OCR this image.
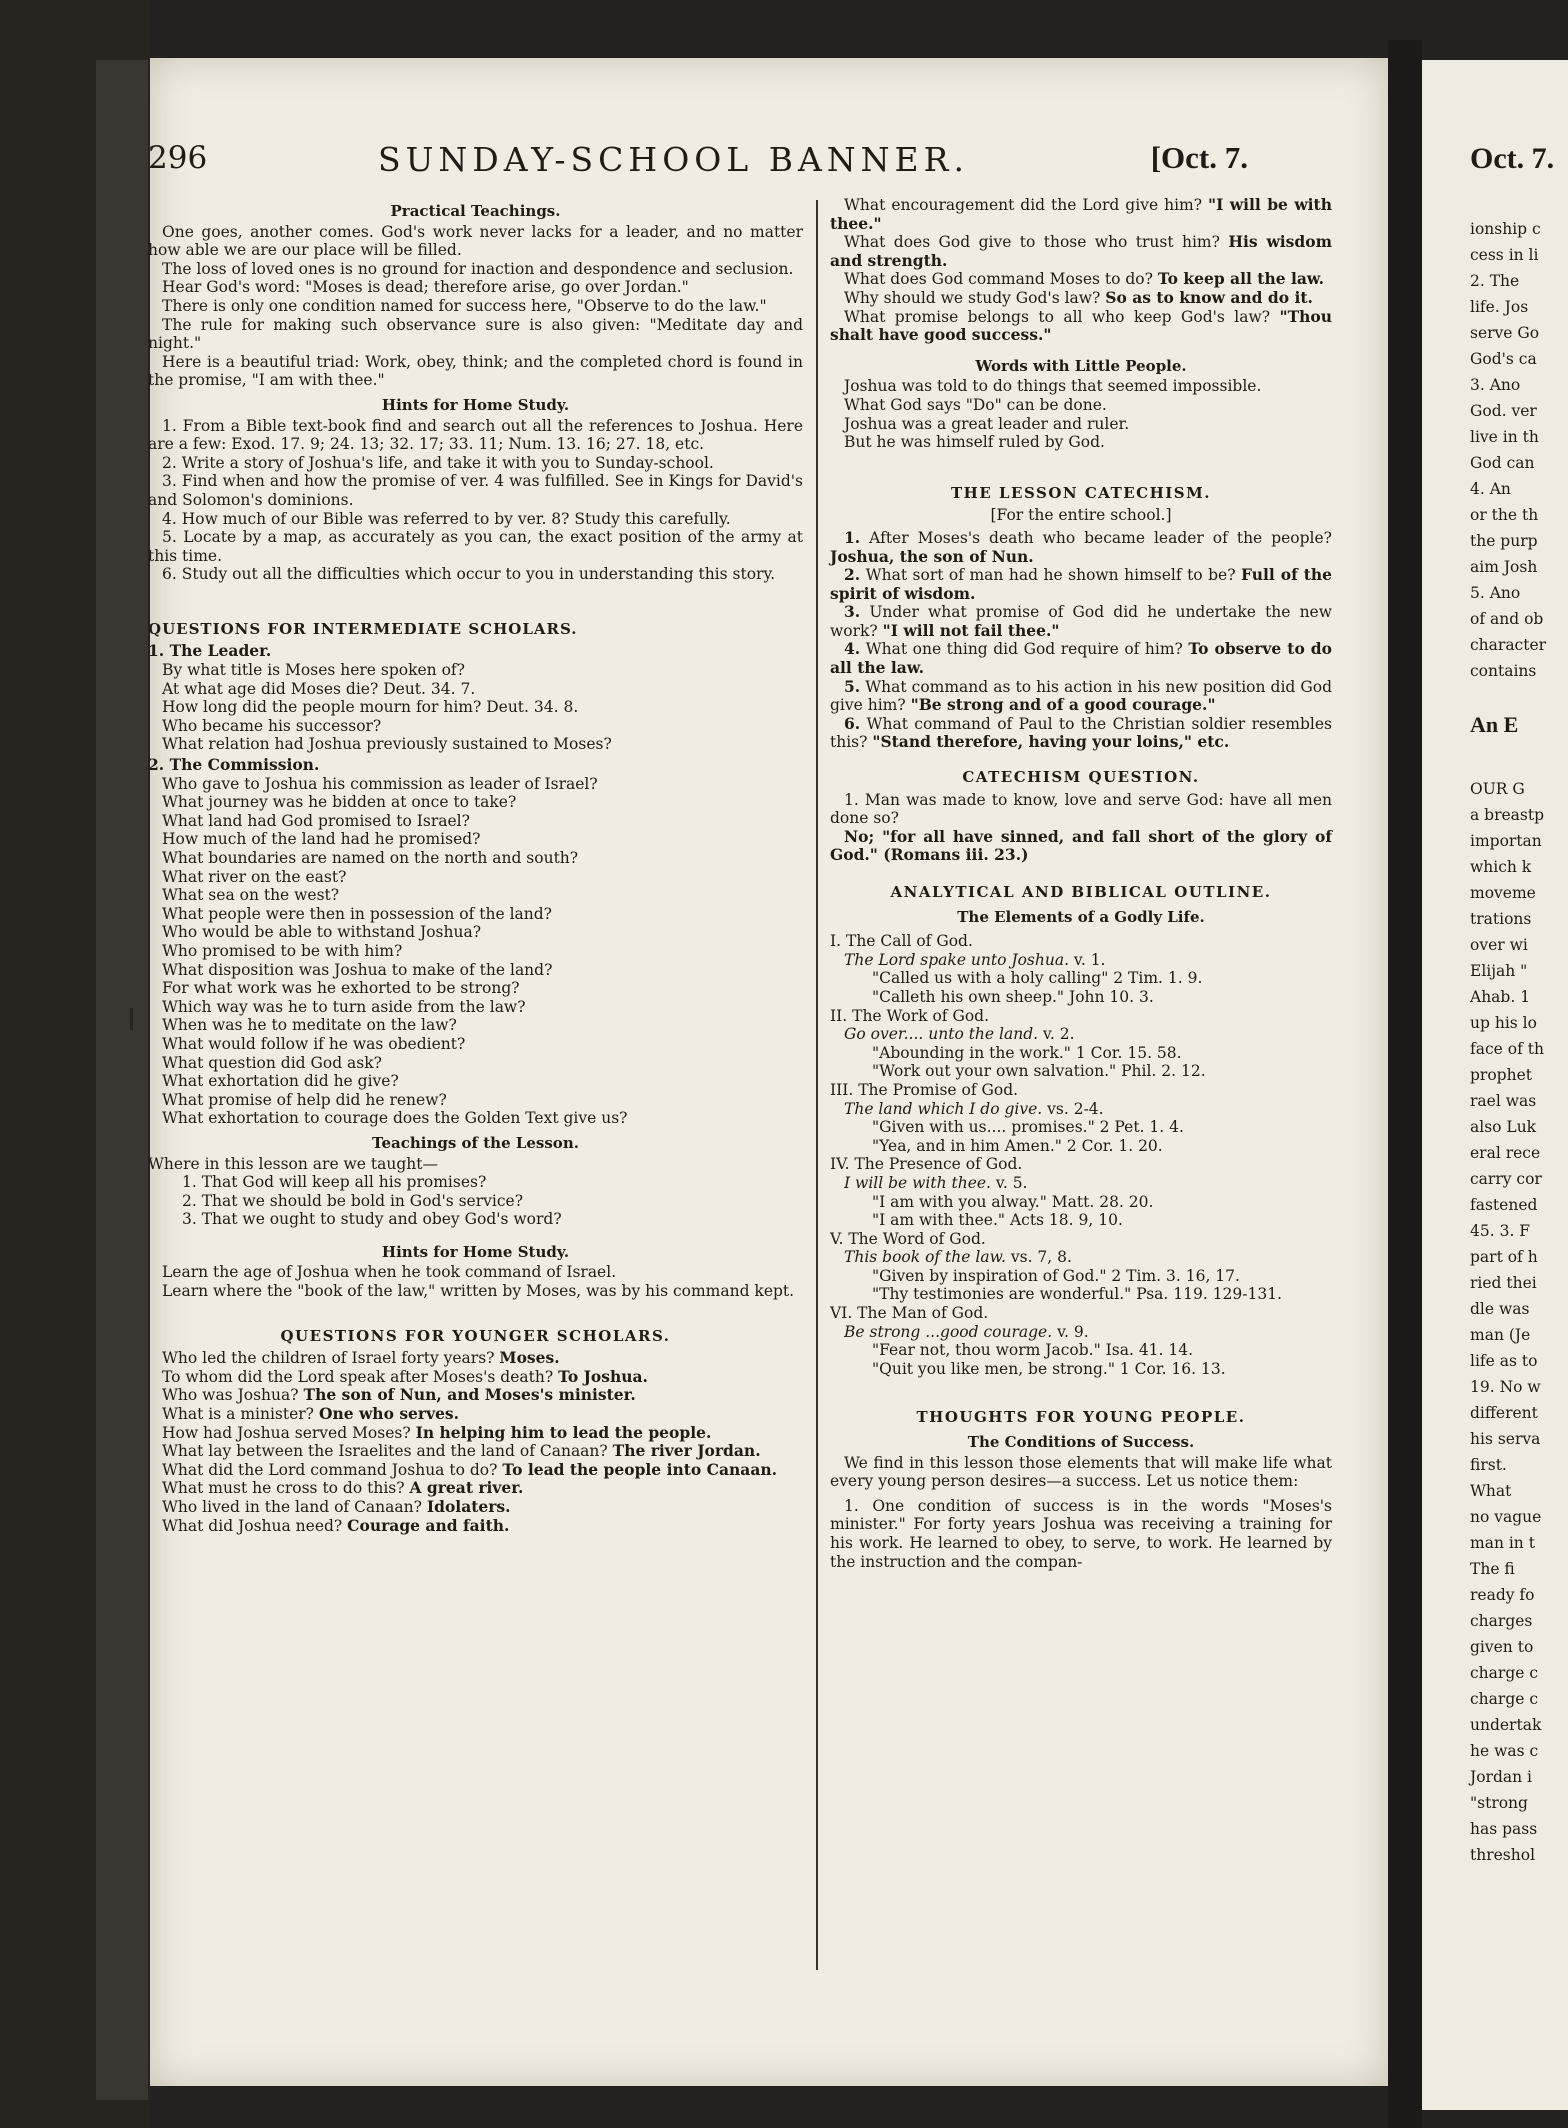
296	SUNDAY-SCHOOL BANNER.	[Oct. 7.
Practical Teachings.

One goes, another comes. God's work never lacks for a leader, and no matter how able we are our place will be filled.

The loss of loved ones is no ground for inaction and despondence and seclusion.

Hear God's word: "Moses is dead; therefore arise, go over Jordan."

There is only one condition named for success here, "Observe to do the law."

The rule for making such observance sure is also given: "Meditate day and night."

Here is a beautiful triad: Work, obey, think; and the completed chord is found in the promise, "I am with thee."

Hints for Home Study.

1. From a Bible text-book find and search out all the references to Joshua. Here are a few: Exod. 17. 9; 24. 13; 32. 17; 33. 11; Num. 13. 16; 27. 18, etc.

2. Write a story of Joshua's life, and take it with you to Sunday-school.

3. Find when and how the promise of ver. 4 was fulfilled. See in Kings for David's and Solomon's dominions.

4. How much of our Bible was referred to by ver. 8? Study this carefully.

5. Locate by a map, as accurately as you can, the exact position of the army at this time.

6. Study out all the difficulties which occur to you in understanding this story.

QUESTIONS FOR INTERMEDIATE SCHOLARS.
1. The Leader.

By what title is Moses here spoken of?

At what age did Moses die? Deut. 34. 7.

How long did the people mourn for him? Deut. 34. 8.

Who became his successor?

What relation had Joshua previously sustained to Moses?

2. The Commission.

Who gave to Joshua his commission as leader of Israel?

What journey was he bidden at once to take?

What land had God promised to Israel?

How much of the land had he promised?

What boundaries are named on the north and south?

What river on the east?

What sea on the west?

What people were then in possession of the land?

Who would be able to withstand Joshua?

Who promised to be with him?

What disposition was Joshua to make of the land?

For what work was he exhorted to be strong?

Which way was he to turn aside from the law?

When was he to meditate on the law?

What would follow if he was obedient?

What question did God ask?

What exhortation did he give?

What promise of help did he renew?

What exhortation to courage does the Golden Text give us?

Teachings of the Lesson.

Where in this lesson are we taught—

1. That God will keep all his promises?

2. That we should be bold in God's service?

3. That we ought to study and obey God's word?

Hints for Home Study.

Learn the age of Joshua when he took command of Israel.

Learn where the "book of the law," written by Moses, was by his command kept.

QUESTIONS FOR YOUNGER SCHOLARS.

Who led the children of Israel forty years? Moses.

To whom did the Lord speak after Moses's death? To Joshua.

Who was Joshua? The son of Nun, and Moses's minister.

What is a minister? One who serves.

How had Joshua served Moses? In helping him to lead the people.

What lay between the Israelites and the land of Canaan? The river Jordan.

What did the Lord command Joshua to do? To lead the people into Canaan.

What must he cross to do this? A great river.

Who lived in the land of Canaan? Idolaters.

What did Joshua need? Courage and faith.

What encouragement did the Lord give him? "I will be with thee."

What does God give to those who trust him? His wisdom and strength.

What does God command Moses to do? To keep all the law.

Why should we study God's law? So as to know and do it.

What promise belongs to all who keep God's law? "Thou shalt have good success."

Words with Little People.

Joshua was told to do things that seemed impossible.

What God says "Do" can be done.

Joshua was a great leader and ruler.

But he was himself ruled by God.

THE LESSON CATECHISM.
[For the entire school.]

1. After Moses's death who became leader of the people? Joshua, the son of Nun.

2. What sort of man had he shown himself to be? Full of the spirit of wisdom.

3. Under what promise of God did he undertake the new work? "I will not fail thee."

4. What one thing did God require of him? To observe to do all the law.

5. What command as to his action in his new position did God give him? "Be strong and of a good courage."

6. What command of Paul to the Christian soldier resembles this? "Stand therefore, having your loins," etc.

CATECHISM QUESTION.

1. Man was made to know, love and serve God: have all men done so?

No; "for all have sinned, and fall short of the glory of God." (Romans iii. 23.)

ANALYTICAL AND BIBLICAL OUTLINE.
The Elements of a Godly Life.

I. The Call of God.

The Lord spake unto Joshua. v. 1.

"Called us with a holy calling" 2 Tim. 1. 9.

"Calleth his own sheep." John 10. 3.

II. The Work of God.

Go over.... unto the land. v. 2.

"Abounding in the work." 1 Cor. 15. 58.

"Work out your own salvation." Phil. 2. 12.

III. The Promise of God.

The land which I do give. vs. 2-4.

"Given with us.... promises." 2 Pet. 1. 4.

"Yea, and in him Amen." 2 Cor. 1. 20.

IV. The Presence of God.

I will be with thee. v. 5.

"I am with you alway." Matt. 28. 20.

"I am with thee." Acts 18. 9, 10.

V. The Word of God.

This book of the law. vs. 7, 8.

"Given by inspiration of God." 2 Tim. 3. 16, 17.

"Thy testimonies are wonderful." Psa. 119. 129-131.

VI. The Man of God.

Be strong ...good courage. v. 9.

"Fear not, thou worm Jacob." Isa. 41. 14.

"Quit you like men, be strong." 1 Cor. 16. 13.

THOUGHTS FOR YOUNG PEOPLE.
The Conditions of Success.

We find in this lesson those elements that will make life what every young person desires—a success. Let us notice them:

1. One condition of success is in the words "Moses's minister." For forty years Joshua was receiving a training for his work. He learned to obey, to serve, to work. He learned by the instruction and the compan-

Oct. 7.

ionship c

cess in li

2. The

life. Jos

serve Go

God's ca

3. Ano

God. ver

live in th

God can

4. An

or the th

the purp

aim Josh

5. Ano

of and ob

character

contains

An E

OUR G

a breastp

importan

which k

moveme

trations

over wi

Elijah "

Ahab. 1

up his lo

face of th

prophet

rael was

also Luk

eral rece

carry cor

fastened

45. 3. F

part of h

ried thei

dle was

man (Je

life as to

19. No w

different

his serva

first.

What

no vague

man in t

The fi

ready fo

charges

given to

charge c

charge c

undertak

he was c

Jordan i

"strong

has pass

threshol
